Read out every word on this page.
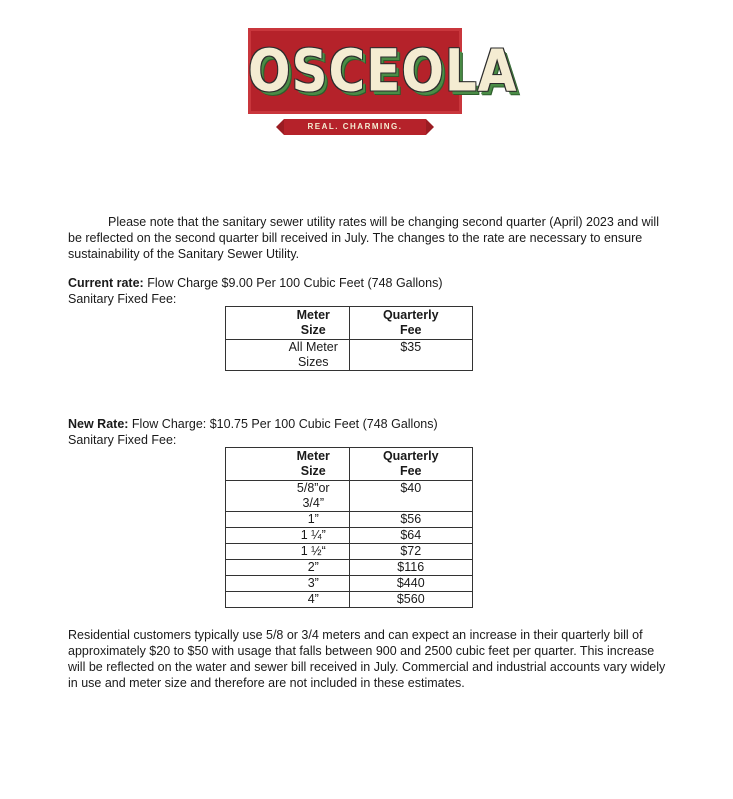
OSCEOLA
REAL. CHARMING.

Please note that the sanitary sewer utility rates will be changing second quarter (April) 2023 and will be reflected on the second quarter bill received in July. The changes to the rate are necessary to ensure sustainability of the Sanitary Sewer Utility.

Current rate: Flow Charge $9.00 Per 100 Cubic Feet (748 Gallons)

Sanitary Fixed Fee:

Meter
Size	Quarterly
Fee
All Meter
Sizes	$35

New Rate: Flow Charge: $10.75 Per 100 Cubic Feet (748 Gallons)

Sanitary Fixed Fee:

Meter
Size	Quarterly
Fee
5/8”or
3/4”	$40
1”	$56
1 ¼”	$64
1 ½“	$72
2”	$116
3”	$440
4”	$560

Residential customers typically use 5/8 or 3/4 meters and can expect an increase in their quarterly bill of approximately $20 to $50 with usage that falls between 900 and 2500 cubic feet per quarter. This increase will be reflected on the water and sewer bill received in July. Commercial and industrial accounts vary widely in use and meter size and therefore are not included in these estimates.
